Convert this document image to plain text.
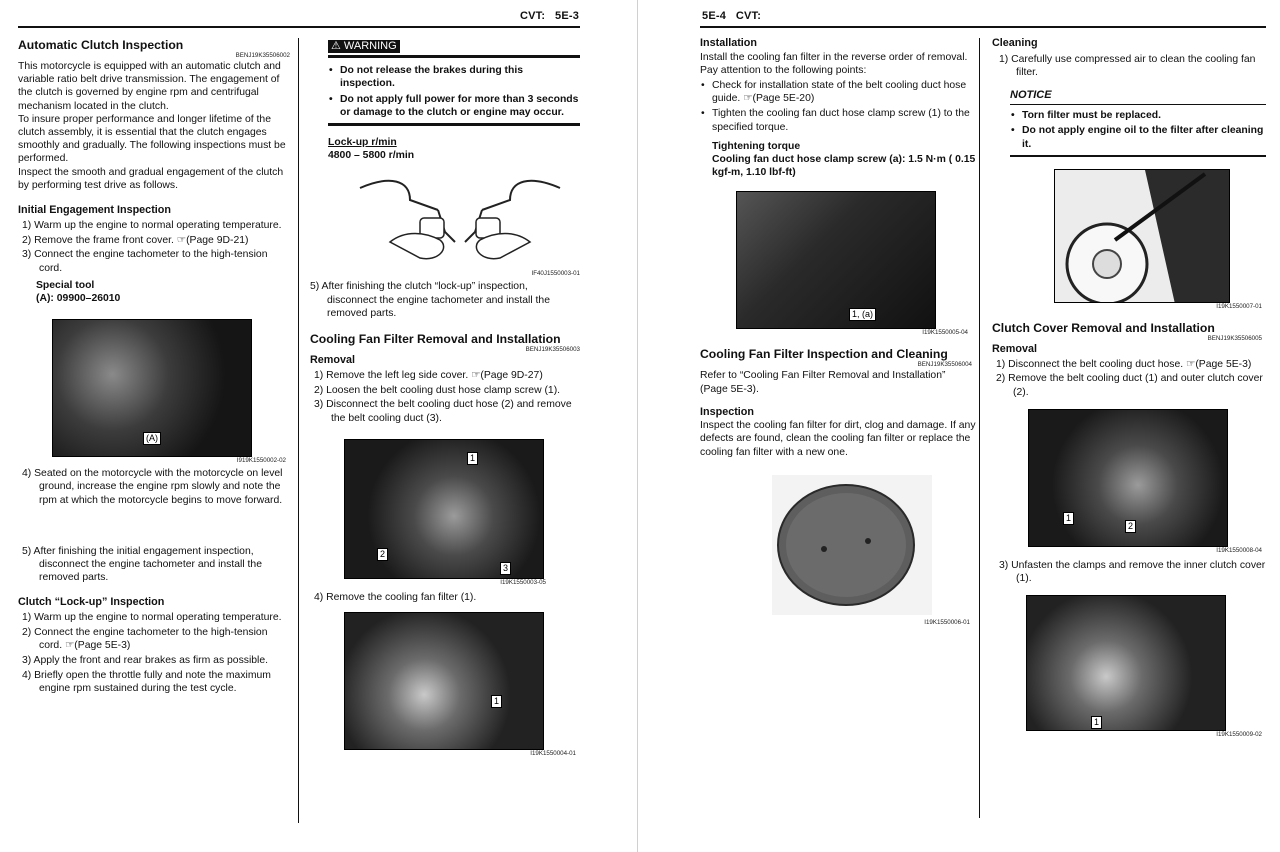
CVT: 5E-3
Automatic Clutch Inspection
BENJ19K35506002

This motorcycle is equipped with an automatic clutch and variable ratio belt drive transmission. The engagement of the clutch is governed by engine rpm and centrifugal mechanism located in the clutch.

To insure proper performance and longer lifetime of the clutch assembly, it is essential that the clutch engages smoothly and gradually. The following inspections must be performed.

Inspect the smooth and gradual engagement of the clutch by performing test drive as follows.

Initial Engagement Inspection
1) Warm up the engine to normal operating temperature.
2) Remove the frame front cover. ☞(Page 9D-21)
3) Connect the engine tachometer to the high-tension cord.
Special tool
(A): 09900–26010
(A)
I919K1550002-02
4) Seated on the motorcycle with the motorcycle on level ground, increase the engine rpm slowly and note the rpm at which the motorcycle begins to move forward.
5) After finishing the initial engagement inspection, disconnect the engine tachometer and install the removed parts.
Clutch “Lock-up” Inspection
1) Warm up the engine to normal operating temperature.
2) Connect the engine tachometer to the high-tension cord. ☞(Page 5E-3)
3) Apply the front and rear brakes as firm as possible.
4) Briefly open the throttle fully and note the maximum engine rpm sustained during the test cycle.
⚠ WARNING
• Do not release the brakes during this inspection.
• Do not apply full power for more than 3 seconds or damage to the clutch or engine may occur.
Lock-up r/min
4800 – 5800 r/min
IF40J1550003-01

5) After finishing the clutch “lock-up” inspection, disconnect the engine tachometer and install the removed parts.

Cooling Fan Filter Removal and Installation
BENJ19K35506003
Removal
1) Remove the left leg side cover. ☞(Page 9D-27)
2) Loosen the belt cooling dust hose clamp screw (1).
3) Disconnect the belt cooling duct hose (2) and remove the belt cooling duct (3).
1
2
3
I19K1550003-05

4) Remove the cooling fan filter (1).

1
I19K1550004-01
5E-4 CVT:
Installation

Install the cooling fan filter in the reverse order of removal. Pay attention to the following points:

• Check for installation state of the belt cooling duct hose guide. ☞(Page 5E-20)
• Tighten the cooling fan duct hose clamp screw (1) to the specified torque.
Tightening torque
Cooling fan duct hose clamp screw (a): 1.5 N·m ( 0.15 kgf-m, 1.10 lbf-ft)
1, (a)
I19K1550005-04
Cooling Fan Filter Inspection and Cleaning
BENJ19K35506004

Refer to “Cooling Fan Filter Removal and Installation” (Page 5E-3).

Inspection

Inspect the cooling fan filter for dirt, clog and damage. If any defects are found, clean the cooling fan filter or replace the cooling fan filter with a new one.

I19K1550006-01
Cleaning

1) Carefully use compressed air to clean the cooling fan filter.

NOTICE
• Torn filter must be replaced.
• Do not apply engine oil to the filter after cleaning it.
I19K1550007-01
Clutch Cover Removal and Installation
BENJ19K35506005
Removal
1) Disconnect the belt cooling duct hose. ☞(Page 5E-3)
2) Remove the belt cooling duct (1) and outer clutch cover (2).
1
2
I19K1550008-04

3) Unfasten the clamps and remove the inner clutch cover (1).

1
I19K1550009-02
